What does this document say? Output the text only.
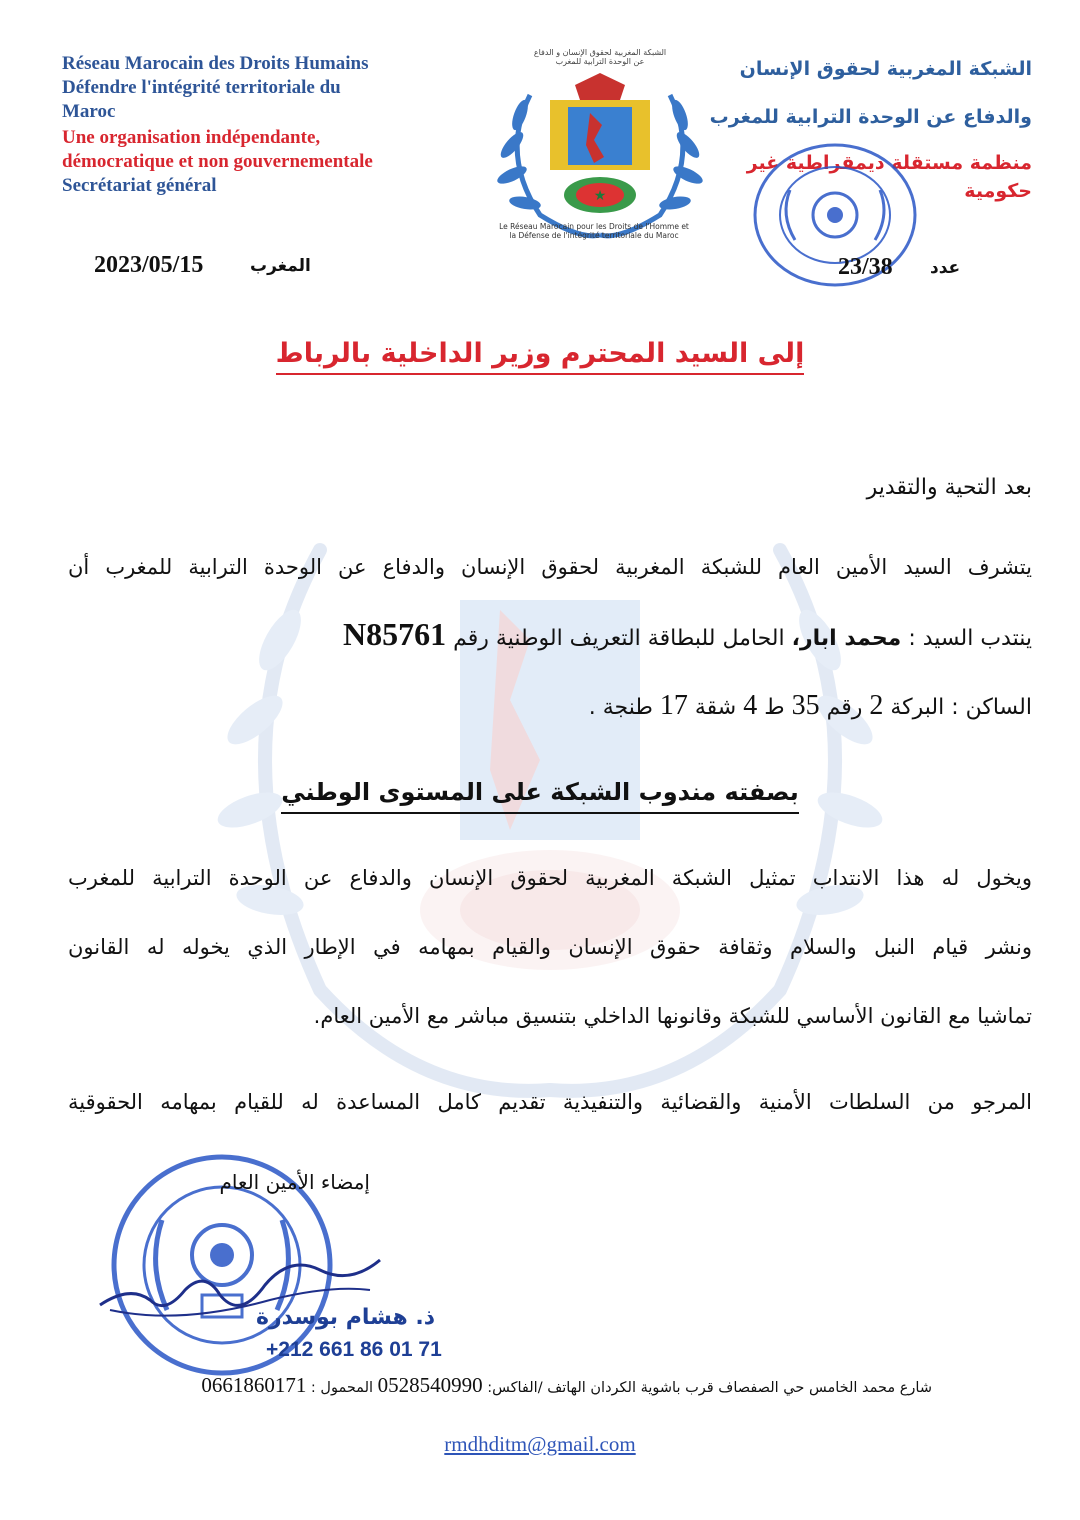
Réseau Marocain des Droits Humains
Défendre l'intégrité territoriale du
Maroc
Une organisation indépendante,
démocratique et non gouvernementale
Secrétariat général
الشبكة المغربية لحقوق الإنسان و الدفاع
عن الوحدة الترابية للمغرب
★
Le Réseau Marocain pour les Droits de l'Homme et
la Défense de l'intégrité territoriale du Maroc
الشبكة المغربية لحقوق الإنسان
والدفاع عن الوحدة الترابية للمغرب
منظمة مستقلة ديمقراطية غير
حكومية
2023/05/15	المغرب	23/38 عدد
إلى السيد المحترم وزير الداخلية بالرباط
بعد التحية والتقدير
يتشرف السيد الأمين العام للشبكة المغربية لحقوق الإنسان والدفاع عن الوحدة الترابية للمغرب أن
ينتدب السيد : محمد ابار، الحامل للبطاقة التعريف الوطنية رقم N85761
الساكن : البركة 2 رقم 35 ط 4 شقة 17 طنجة .
بصفته مندوب الشبكة على المستوى الوطني
ويخول له هذا الانتداب تمثيل الشبكة المغربية لحقوق الإنسان والدفاع عن الوحدة الترابية للمغرب
ونشر قيام النبل والسلام وثقافة حقوق الإنسان والقيام بمهامه في الإطار الذي يخوله له القانون
تماشيا مع القانون الأساسي للشبكة وقانونها الداخلي بتنسيق مباشر مع الأمين العام.
المرجو من السلطات الأمنية والقضائية والتنفيذية تقديم كامل المساعدة له للقيام بمهامه الحقوقية
إمضاء الأمين العام
ذ. هشام بوسدرة
+212 661 86 01 71
شارع محمد الخامس حي الصفصاف قرب باشوية الكردان الهاتف /الفاكس: 0528540990 المحمول : 0661860171
rmdhditm@gmail.com
